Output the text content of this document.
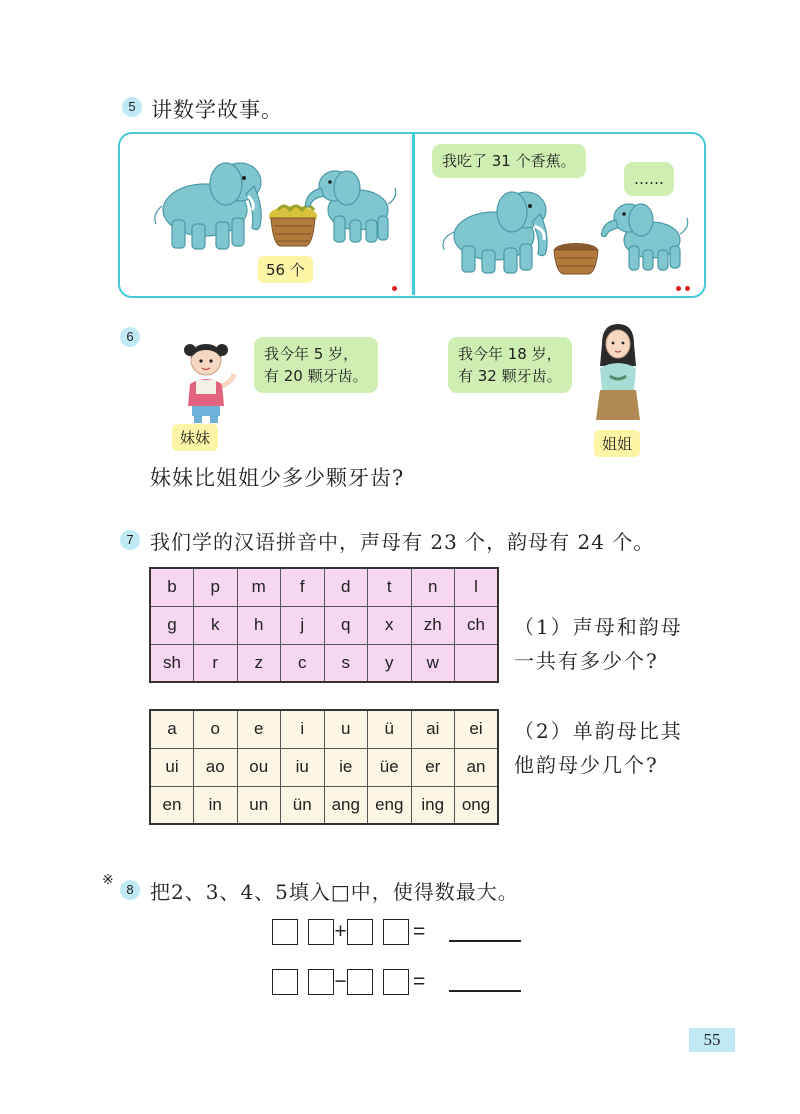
5 讲数学故事。
56 个
我吃了 31 个香蕉。
……
6
妹妹
我今年 5 岁，
有 20 颗牙齿。
我今年 18 岁，
有 32 颗牙齿。
姐姐
妹妹比姐姐少多少颗牙齿?
7 我们学的汉语拼音中，声母有 23 个，韵母有 24 个。
b	p	m	f	d	t	n	l
g	k	h	j	q	x	zh	ch
sh	r	z	c	s	y	w	
（1）声母和韵母
一共有多少个?
a	o	e	i	u	ü	ai	ei
ui	ao	ou	iu	ie	üe	er	an
en	in	un	ün	ang	eng	ing	ong
（2）单韵母比其
他韵母少几个?
※
8 把2、3、4、5填入□中，使得数最大。
+	=
−	=
55
